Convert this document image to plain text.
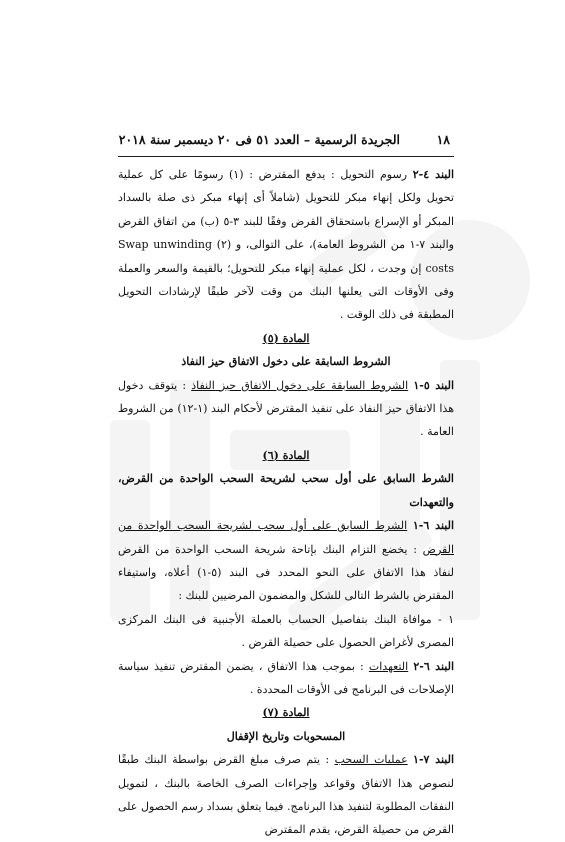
١٨
الجريدة الرسمية – العدد ٥١ فى ٢٠ ديسمبر سنة ٢٠١٨

البند ٤-٢ رسوم التحويل : يدفع المقترض : (١) رسومًا على كل عملية تحويل ولكل إنهاء مبكر للتحويل (شاملاً أى إنهاء مبكر ذى صلة بالسداد المبكر أو الإسراع باستحقاق القرض وفقًا للبند ٣-٥ (ب) من اتفاق القرض والبند ٧-١ من الشروط العامة)، على التوالى، و (٢) Swap unwinding costs إن وجدت ، لكل عملية إنهاء مبكر للتحويل؛ بالقيمة والسعر والعملة وفى الأوقات التى يعلنها البنك من وقت لآخر طبقًا لإرشادات التحويل المطبقة فى ذلك الوقت .

المادة (٥)

الشروط السابقة على دخول الاتفاق حيز النفاذ

البند ٥-١ الشروط السابقة على دخول الاتفاق حيز النفاذ : يتوقف دخول هذا الاتفاق حيز النفاذ على تنفيذ المقترض لأحكام البند (١-١٢) من الشروط العامة .

المادة (٦)

الشرط السابق على أول سحب لشريحة السحب الواحدة من القرض، والتعهدات

البند ٦-١ الشرط السابق على أول سحب لشريحة السحب الواحدة من القرض : يخضع التزام البنك بإتاحة شريحة السحب الواحدة من القرض لنفاذ هذا الاتفاق على النحو المحدد فى البند (٥-١) أعلاه، واستيفاء المقترض بالشرط التالى للشكل والمضمون المرضيين للبنك :

١ - موافاة البنك بتفاصيل الحساب بالعملة الأجنبية فى البنك المركزى المصرى لأغراض الحصول على حصيلة القرض .

البند ٦-٢ التعهدات : بموجب هذا الاتفاق ، يضمن المقترض تنفيذ سياسة الإصلاحات فى البرنامج فى الأوقات المحددة .

المادة (٧)

المسحوبات وتاريخ الإقفال

البند ٧-١ عمليات السحب : يتم صرف مبلغ القرض بواسطة البنك طبقًا لنصوص هذا الاتفاق وقواعد وإجراءات الصرف الخاصة بالبنك ، لتمويل النفقات المطلوبة لتنفيذ هذا البرنامج. فيما يتعلق بسداد رسم الحصول على القرض من حصيلة القرض، يقدم المقترض
